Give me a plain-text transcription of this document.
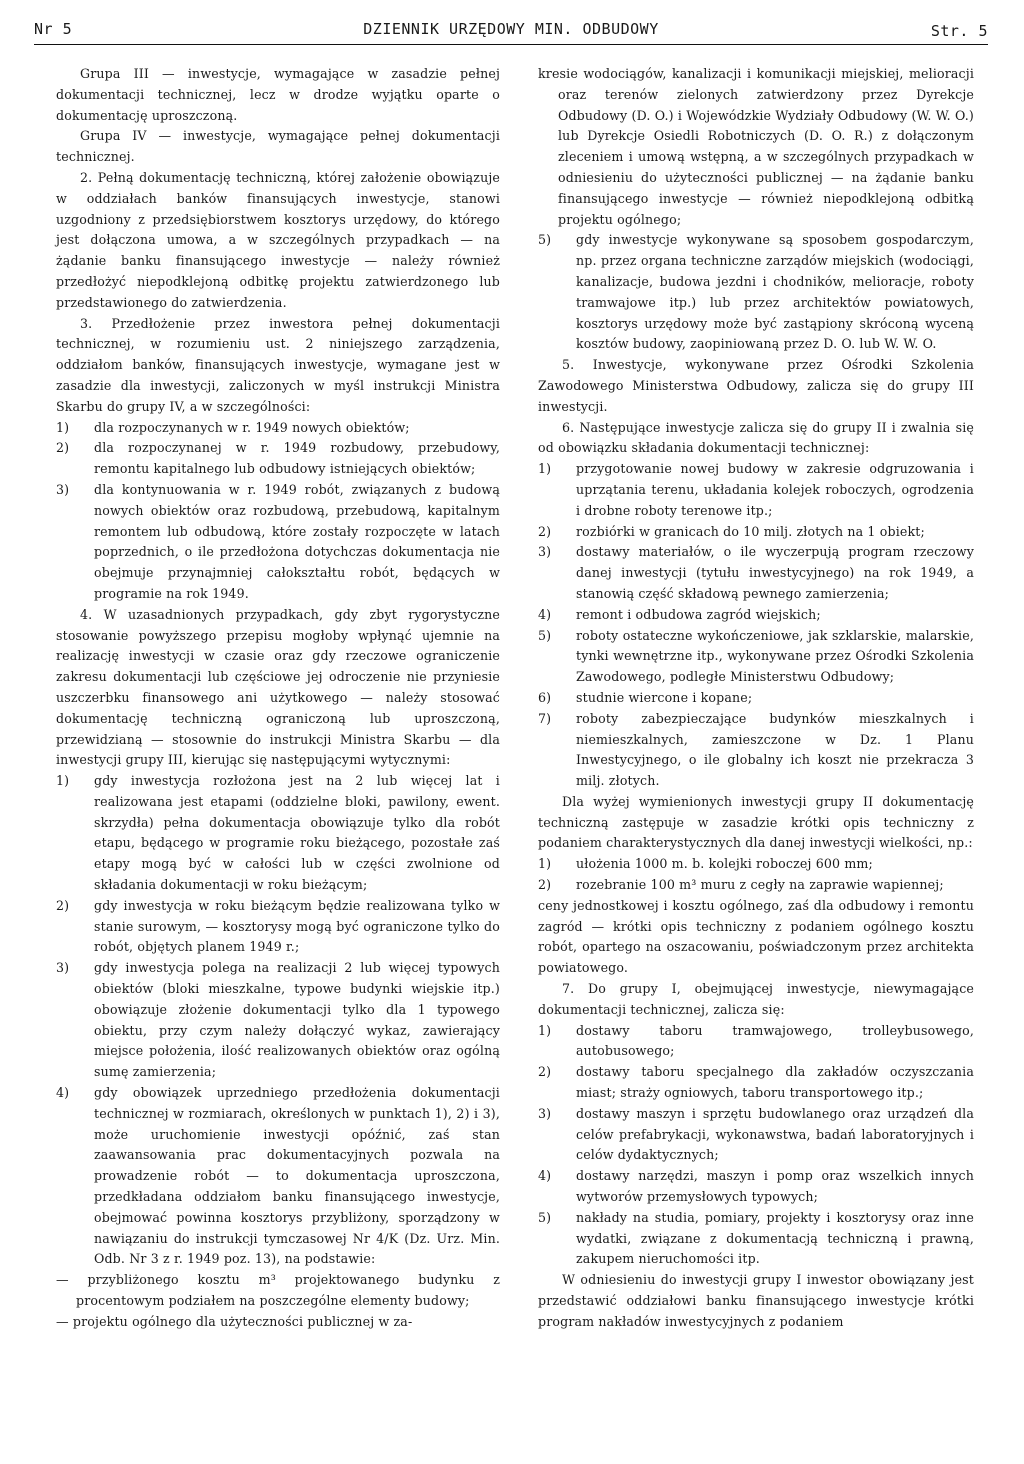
Nr 5	DZIENNIK URZĘDOWY MIN. ODBUDOWY	Str. 5

Grupa III — inwestycje, wymagające w zasadzie pełnej dokumentacji technicznej, lecz w drodze wyjątku oparte o dokumentację uproszczoną.

Grupa IV — inwestycje, wymagające pełnej dokumentacji technicznej.

2. Pełną dokumentację techniczną, której założenie obowiązuje w oddziałach banków finansujących inwestycje, stanowi uzgodniony z przedsiębiorstwem kosztorys urzędowy, do którego jest dołączona umowa, a w szczególnych przypadkach — na żądanie banku finansującego inwestycje — należy również przedłożyć niepodklejoną odbitkę projektu zatwierdzonego lub przedstawionego do zatwierdzenia.

3. Przedłożenie przez inwestora pełnej dokumentacji technicznej, w rozumieniu ust. 2 niniejszego zarządzenia, oddziałom banków, finansujących inwestycje, wymagane jest w zasadzie dla inwestycji, zaliczonych w myśl instrukcji Ministra Skarbu do grupy IV, a w szczególności:

1) dla rozpoczynanych w r. 1949 nowych obiektów;

2) dla rozpoczynanej w r. 1949 rozbudowy, przebudowy, remontu kapitalnego lub odbudowy istniejących obiektów;

3) dla kontynuowania w r. 1949 robót, związanych z budową nowych obiektów oraz rozbudową, przebudową, kapitalnym remontem lub odbudową, które zostały rozpoczęte w latach poprzednich, o ile przedłożona dotychczas dokumentacja nie obejmuje przynajmniej całokształtu robót, będących w programie na rok 1949.

4. W uzasadnionych przypadkach, gdy zbyt rygorystyczne stosowanie powyższego przepisu mogłoby wpłynąć ujemnie na realizację inwestycji w czasie oraz gdy rzeczowe ograniczenie zakresu dokumentacji lub częściowe jej odroczenie nie przyniesie uszczerbku finansowego ani użytkowego — należy stosować dokumentację techniczną ograniczoną lub uproszczoną, przewidzianą — stosownie do instrukcji Ministra Skarbu — dla inwestycji grupy III, kierując się następującymi wytycznymi:

1) gdy inwestycja rozłożona jest na 2 lub więcej lat i realizowana jest etapami (oddzielne bloki, pawilony, ewent. skrzydła) pełna dokumentacja obowiązuje tylko dla robót etapu, będącego w programie roku bieżącego, pozostałe zaś etapy mogą być w całości lub w części zwolnione od składania dokumentacji w roku bieżącym;

2) gdy inwestycja w roku bieżącym będzie realizowana tylko w stanie surowym, — kosztorysy mogą być ograniczone tylko do robót, objętych planem 1949 r.;

3) gdy inwestycja polega na realizacji 2 lub więcej typowych obiektów (bloki mieszkalne, typowe budynki wiejskie itp.) obowiązuje złożenie dokumentacji tylko dla 1 typowego obiektu, przy czym należy dołączyć wykaz, zawierający miejsce położenia, ilość realizowanych obiektów oraz ogólną sumę zamierzenia;

4) gdy obowiązek uprzedniego przedłożenia dokumentacji technicznej w rozmiarach, określonych w punktach 1), 2) i 3), może uruchomienie inwestycji opóźnić, zaś stan zaawansowania prac dokumentacyjnych pozwala na prowadzenie robót — to dokumentacja uproszczona, przedkładana oddziałom banku finansującego inwestycje, obejmować powinna kosztorys przybliżony, sporządzony w nawiązaniu do instrukcji tymczasowej Nr 4/K (Dz. Urz. Min. Odb. Nr 3 z r. 1949 poz. 13), na podstawie:

— przybliżonego kosztu m³ projektowanego budynku z procentowym podziałem na poszczególne elementy budowy;

— projektu ogólnego dla użyteczności publicznej w za-

kresie wodociągów, kanalizacji i komunikacji miejskiej, melioracji oraz terenów zielonych zatwierdzony przez Dyrekcje Odbudowy (D. O.) i Wojewódzkie Wydziały Odbudowy (W. W. O.) lub Dyrekcje Osiedli Robotniczych (D. O. R.) z dołączonym zleceniem i umową wstępną, a w szczególnych przypadkach w odniesieniu do użyteczności publicznej — na żądanie banku finansującego inwestycje — również niepodklejoną odbitką projektu ogólnego;

5) gdy inwestycje wykonywane są sposobem gospodarczym, np. przez organa techniczne zarządów miejskich (wodociągi, kanalizacje, budowa jezdni i chodników, melioracje, roboty tramwajowe itp.) lub przez architektów powiatowych, kosztorys urzędowy może być zastąpiony skróconą wyceną kosztów budowy, zaopiniowaną przez D. O. lub W. W. O.

5. Inwestycje, wykonywane przez Ośrodki Szkolenia Zawodowego Ministerstwa Odbudowy, zalicza się do grupy III inwestycji.

6. Następujące inwestycje zalicza się do grupy II i zwalnia się od obowiązku składania dokumentacji technicznej:

1) przygotowanie nowej budowy w zakresie odgruzowania i uprzątania terenu, układania kolejek roboczych, ogrodzenia i drobne roboty terenowe itp.;

2) rozbiórki w granicach do 10 milj. złotych na 1 obiekt;

3) dostawy materiałów, o ile wyczerpują program rzeczowy danej inwestycji (tytułu inwestycyjnego) na rok 1949, a stanowią część składową pewnego zamierzenia;

4) remont i odbudowa zagród wiejskich;

5) roboty ostateczne wykończeniowe, jak szklarskie, malarskie, tynki wewnętrzne itp., wykonywane przez Ośrodki Szkolenia Zawodowego, podległe Ministerstwu Odbudowy;

6) studnie wiercone i kopane;

7) roboty zabezpieczające budynków mieszkalnych i niemieszkalnych, zamieszczone w Dz. 1 Planu Inwestycyjnego, o ile globalny ich koszt nie przekracza 3 milj. złotych.

Dla wyżej wymienionych inwestycji grupy II dokumentację techniczną zastępuje w zasadzie krótki opis techniczny z podaniem charakterystycznych dla danej inwestycji wielkości, np.:

1) ułożenia 1000 m. b. kolejki roboczej 600 mm;

2) rozebranie 100 m³ muru z cegły na zaprawie wapiennej;

ceny jednostkowej i kosztu ogólnego, zaś dla odbudowy i remontu zagród — krótki opis techniczny z podaniem ogólnego kosztu robót, opartego na oszacowaniu, poświadczonym przez architekta powiatowego.

7. Do grupy I, obejmującej inwestycje, niewymagające dokumentacji technicznej, zalicza się:

1) dostawy taboru tramwajowego, trolleybusowego, autobusowego;

2) dostawy taboru specjalnego dla zakładów oczyszczania miast; straży ogniowych, taboru transportowego itp.;

3) dostawy maszyn i sprzętu budowlanego oraz urządzeń dla celów prefabrykacji, wykonawstwa, badań laboratoryjnych i celów dydaktycznych;

4) dostawy narzędzi, maszyn i pomp oraz wszelkich innych wytworów przemysłowych typowych;

5) nakłady na studia, pomiary, projekty i kosztorysy oraz inne wydatki, związane z dokumentacją techniczną i prawną, zakupem nieruchomości itp.

W odniesieniu do inwestycji grupy I inwestor obowiązany jest przedstawić oddziałowi banku finansującego inwestycje krótki program nakładów inwestycyjnych z podaniem
